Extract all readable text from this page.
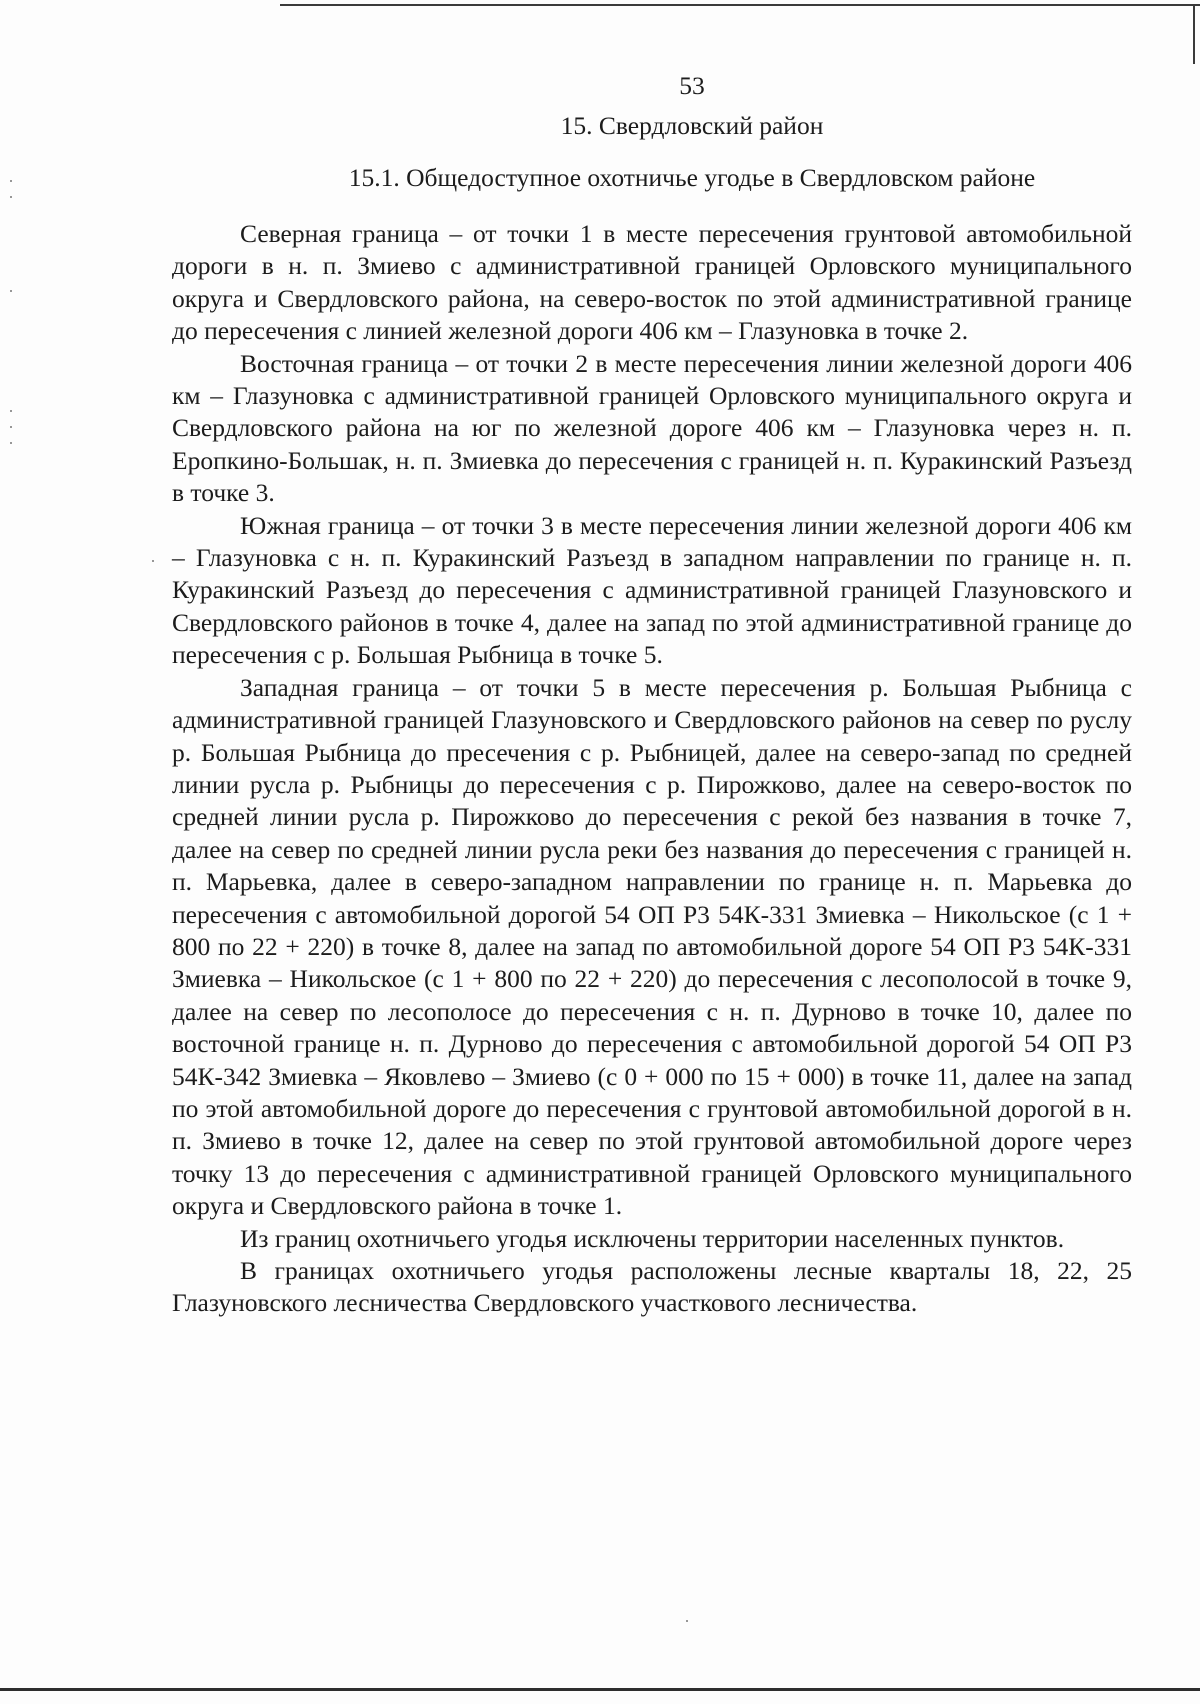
53

15. Свердловский район

15.1. Общедоступное охотничье угодье в Свердловском районе

Северная граница – от точки 1 в месте пересечения грунтовой автомобильной дороги в н. п. Змиево с административной границей Орловского муниципального округа и Свердловского района, на северо-восток по этой административной границе до пересечения с линией железной дороги 406 км – Глазуновка в точке 2.

Восточная граница – от точки 2 в месте пересечения линии железной дороги 406 км – Глазуновка с административной границей Орловского муниципального округа и Свердловского района на юг по железной дороге 406 км – Глазуновка через н. п. Еропкино-Большак, н. п. Змиевка до пересечения с границей н. п. Куракинский Разъезд в точке 3.

Южная граница – от точки 3 в месте пересечения линии железной дороги 406 км – Глазуновка с н. п. Куракинский Разъезд в западном направлении по границе н. п. Куракинский Разъезд до пересечения с административной границей Глазуновского и Свердловского районов в точке 4, далее на запад по этой административной границе до пересечения с р. Большая Рыбница в точке 5.

Западная граница – от точки 5 в месте пересечения р. Большая Рыбница с административной границей Глазуновского и Свердловского районов на север по руслу р. Большая Рыбница до пресечения с р. Рыбницей, далее на северо-запад по средней линии русла р. Рыбницы до пересечения с р. Пирожково, далее на северо-восток по средней линии русла р. Пирожково до пересечения с рекой без названия в точке 7, далее на север по средней линии русла реки без названия до пересечения с границей н. п. Марьевка, далее в северо-западном направлении по границе н. п. Марьевка до пересечения с автомобильной дорогой 54 ОП Р3 54К-331 Змиевка – Никольское (с 1 + 800 по 22 + 220) в точке 8, далее на запад по автомобильной дороге 54 ОП Р3 54К-331 Змиевка – Никольское (с 1 + 800 по 22 + 220) до пересечения с лесополосой в точке 9, далее на север по лесополосе до пересечения с н. п. Дурново в точке 10, далее по восточной границе н. п. Дурново до пересечения с автомобильной дорогой 54 ОП Р3 54К-342 Змиевка – Яковлево – Змиево (с 0 + 000 по 15 + 000) в точке 11, далее на запад по этой автомобильной дороге до пересечения с грунтовой автомобильной дорогой в н. п. Змиево в точке 12, далее на север по этой грунтовой автомобильной дороге через точку 13 до пересечения с административной границей Орловского муниципального округа и Свердловского района в точке 1.

Из границ охотничьего угодья исключены территории населенных пунктов.

В границах охотничьего угодья расположены лесные кварталы 18, 22, 25 Глазуновского лесничества Свердловского участкового лесничества.
